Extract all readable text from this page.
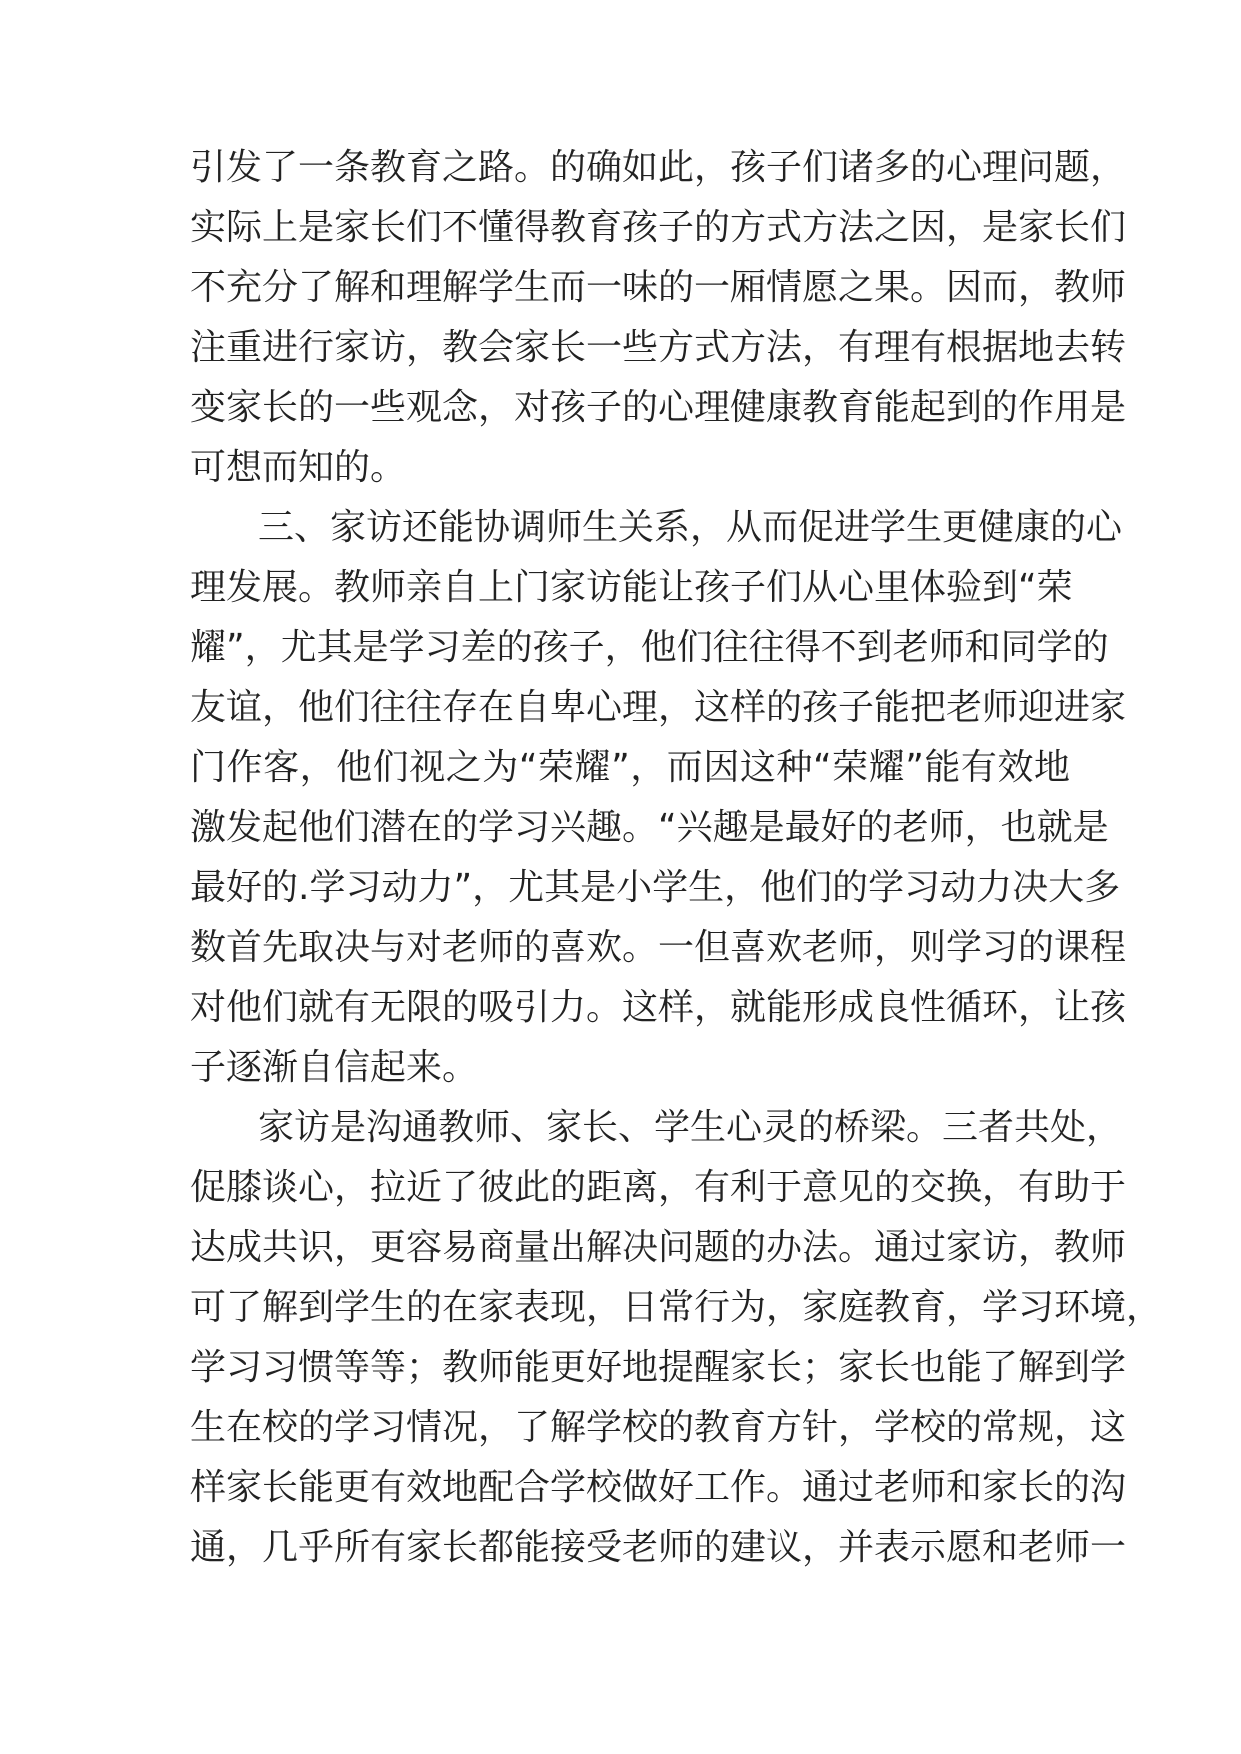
引发了一条教育之路。的确如此，孩子们诸多的心理问题，
实际上是家长们不懂得教育孩子的方式方法之因，是家长们
不充分了解和理解学生而一味的一厢情愿之果。因而，教师
注重进行家访，教会家长一些方式方法，有理有根据地去转
变家长的一些观念，对孩子的心理健康教育能起到的作用是
可想而知的。
三、家访还能协调师生关系，从而促进学生更健康的心
理发展。教师亲自上门家访能让孩子们从心里体验到“荣
耀”，尤其是学习差的孩子，他们往往得不到老师和同学的
友谊，他们往往存在自卑心理，这样的孩子能把老师迎进家
门作客，他们视之为“荣耀”，而因这种“荣耀”能有效地
激发起他们潜在的学习兴趣。“兴趣是最好的老师，也就是
最好的.学习动力”，尤其是小学生，他们的学习动力决大多
数首先取决与对老师的喜欢。一但喜欢老师，则学习的课程
对他们就有无限的吸引力。这样，就能形成良性循环，让孩
子逐渐自信起来。
家访是沟通教师、家长、学生心灵的桥梁。三者共处，
促膝谈心，拉近了彼此的距离，有利于意见的交换，有助于
达成共识，更容易商量出解决问题的办法。通过家访，教师
可了解到学生的在家表现，日常行为，家庭教育，学习环境，
学习习惯等等；教师能更好地提醒家长；家长也能了解到学
生在校的学习情况，了解学校的教育方针，学校的常规，这
样家长能更有效地配合学校做好工作。通过老师和家长的沟
通，几乎所有家长都能接受老师的建议，并表示愿和老师一
